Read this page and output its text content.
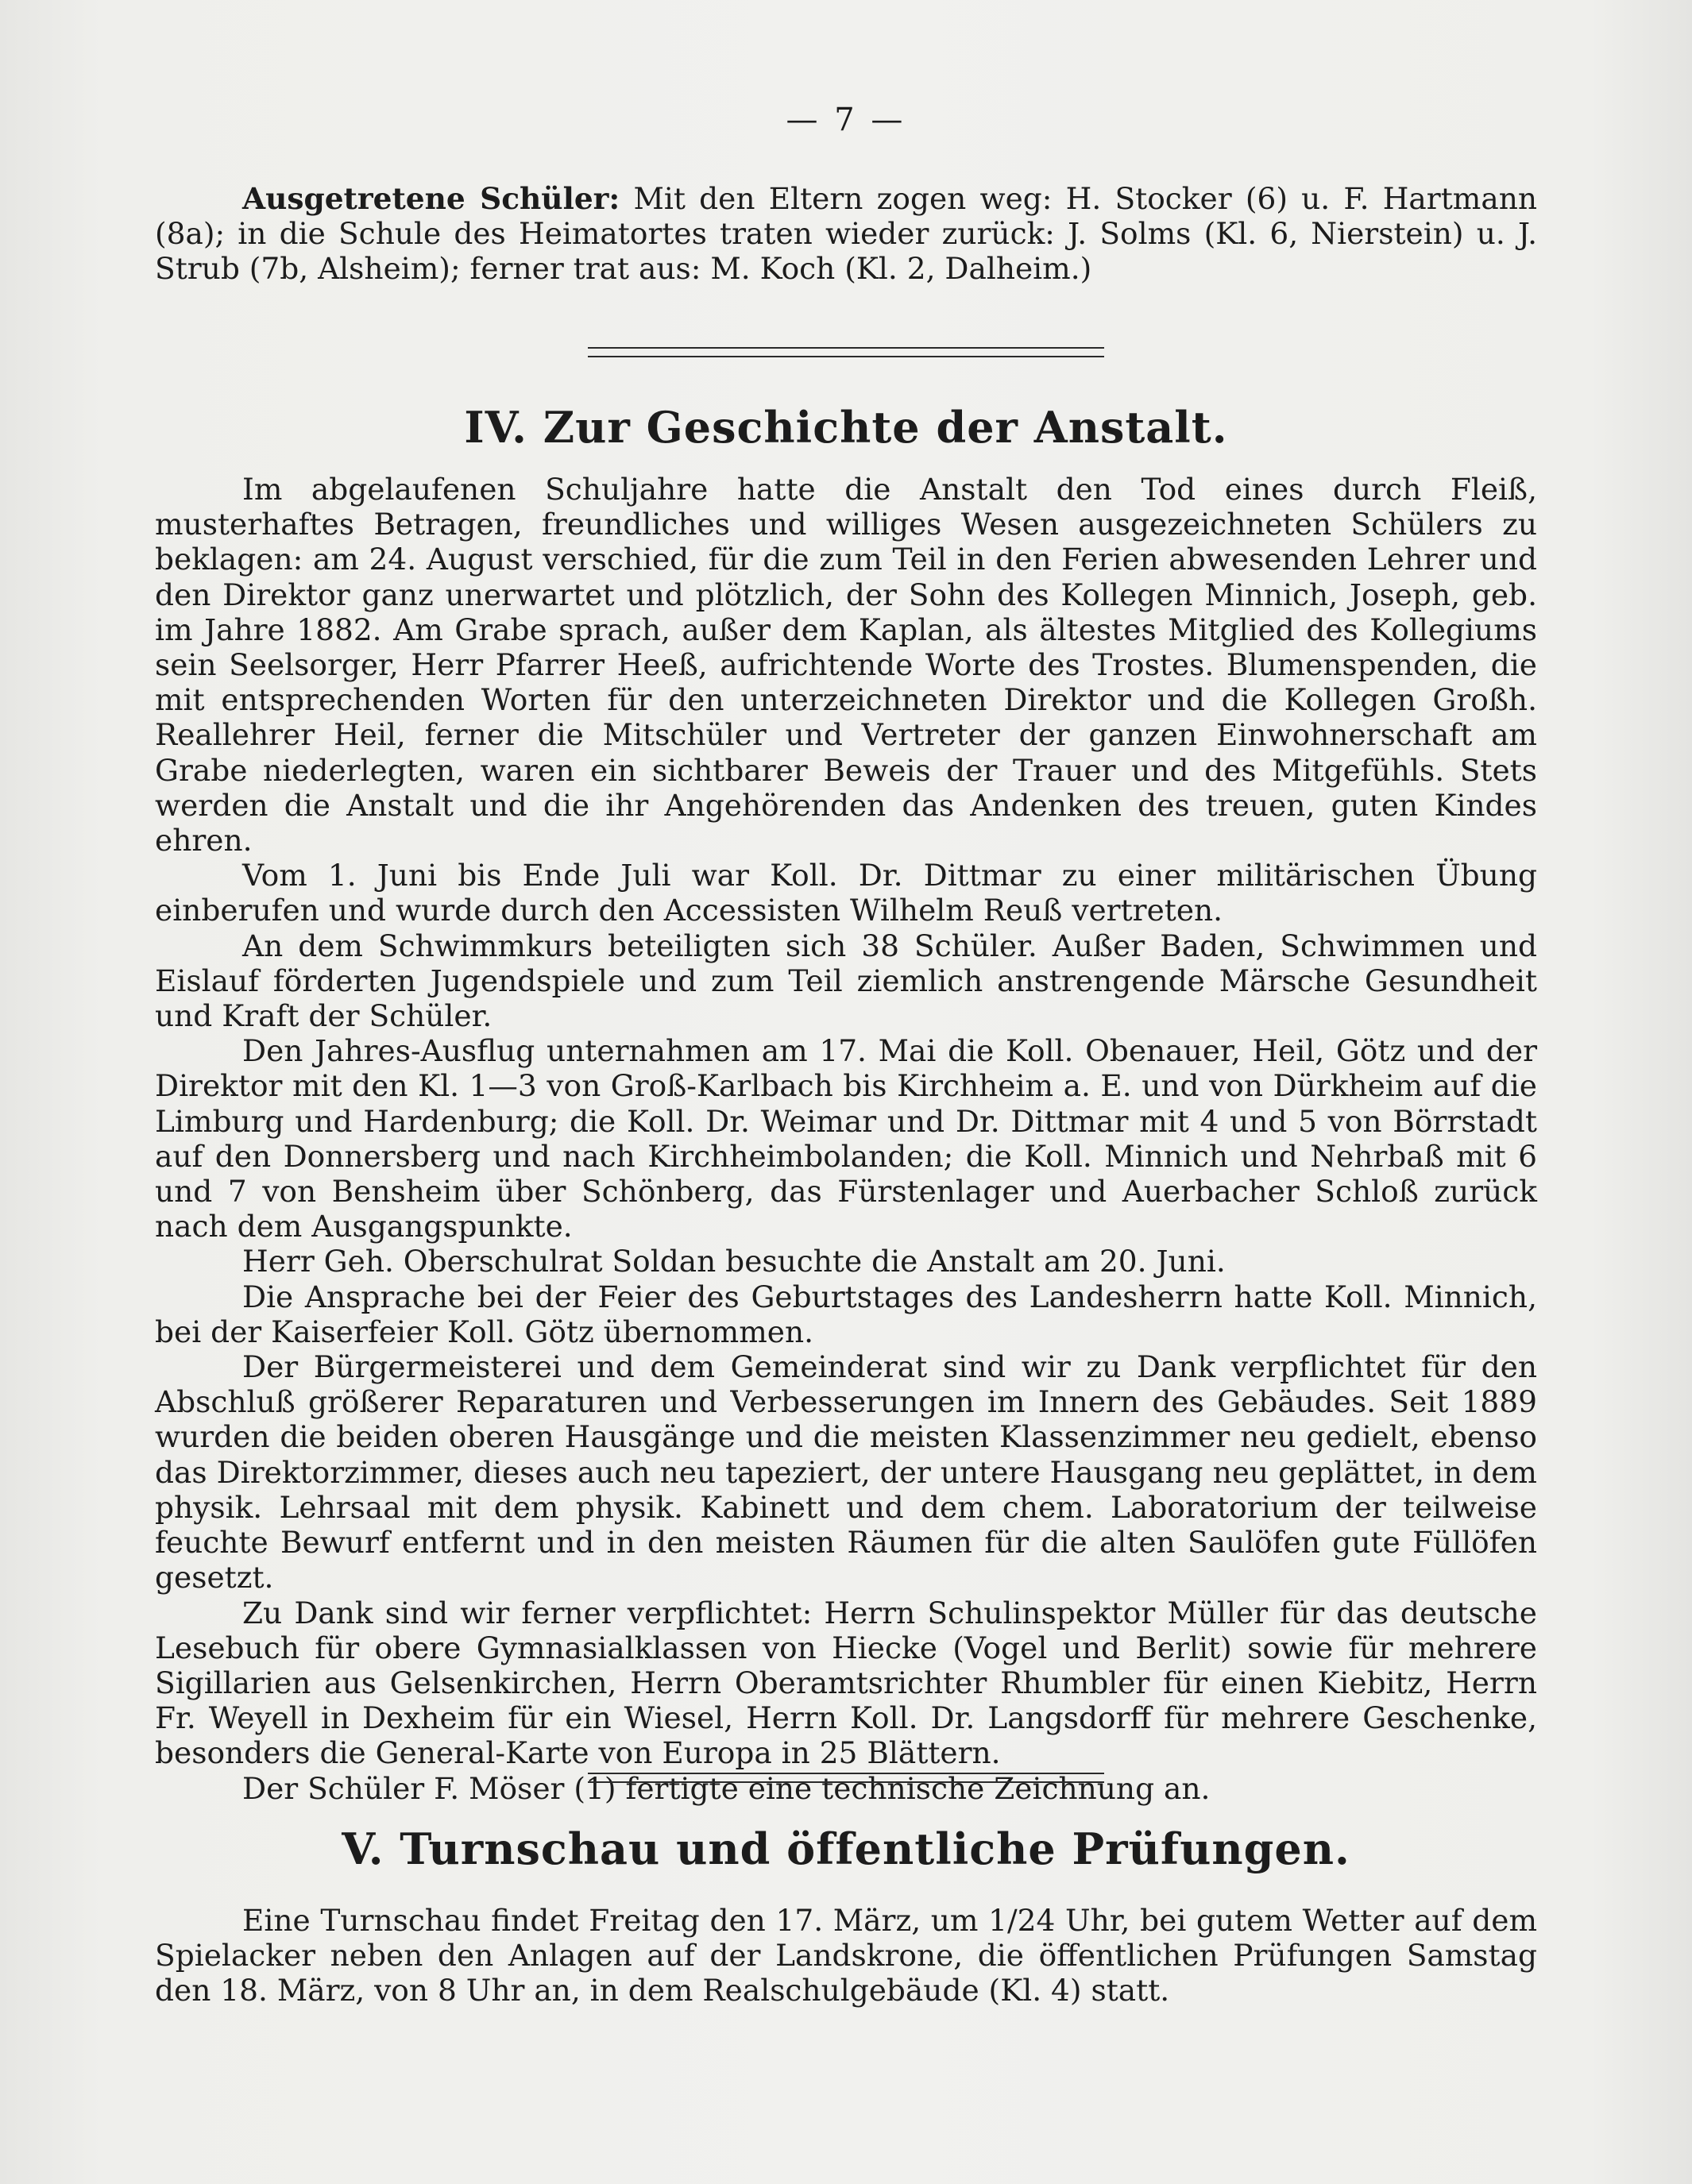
— 7 —

Ausgetretene Schüler: Mit den Eltern zogen weg: H. Stocker (6) u. F. Hartmann (8a); in die Schule des Heimatortes traten wieder zurück: J. Solms (Kl. 6, Nierstein) u. J. Strub (7b, Alsheim); ferner trat aus: M. Koch (Kl. 2, Dalheim.)

IV. Zur Geschichte der Anstalt.

Im abgelaufenen Schuljahre hatte die Anstalt den Tod eines durch Fleiß, musterhaftes Betragen, freundliches und williges Wesen ausgezeichneten Schülers zu beklagen: am 24. August verschied, für die zum Teil in den Ferien abwesenden Lehrer und den Direktor ganz unerwartet und plötzlich, der Sohn des Kollegen Minnich, Joseph, geb. im Jahre 1882. Am Grabe sprach, außer dem Kaplan, als ältestes Mitglied des Kollegiums sein Seelsorger, Herr Pfarrer Heeß, aufrichtende Worte des Trostes. Blumenspenden, die mit entsprechenden Worten für den unterzeichneten Direktor und die Kollegen Großh. Reallehrer Heil, ferner die Mitschüler und Vertreter der ganzen Einwohnerschaft am Grabe niederlegten, waren ein sichtbarer Beweis der Trauer und des Mitgefühls. Stets werden die Anstalt und die ihr Angehörenden das Andenken des treuen, guten Kindes ehren.

Vom 1. Juni bis Ende Juli war Koll. Dr. Dittmar zu einer militärischen Übung einberufen und wurde durch den Accessisten Wilhelm Reuß vertreten.

An dem Schwimmkurs beteiligten sich 38 Schüler. Außer Baden, Schwimmen und Eislauf förderten Jugendspiele und zum Teil ziemlich anstrengende Märsche Gesundheit und Kraft der Schüler.

Den Jahres-Ausflug unternahmen am 17. Mai die Koll. Obenauer, Heil, Götz und der Direktor mit den Kl. 1—3 von Groß-Karlbach bis Kirchheim a. E. und von Dürkheim auf die Limburg und Hardenburg; die Koll. Dr. Weimar und Dr. Dittmar mit 4 und 5 von Börrstadt auf den Donnersberg und nach Kirchheimbolanden; die Koll. Minnich und Nehrbaß mit 6 und 7 von Bensheim über Schönberg, das Fürstenlager und Auerbacher Schloß zurück nach dem Ausgangspunkte.

Herr Geh. Oberschulrat Soldan besuchte die Anstalt am 20. Juni.

Die Ansprache bei der Feier des Geburtstages des Landesherrn hatte Koll. Minnich, bei der Kaiserfeier Koll. Götz übernommen.

Der Bürgermeisterei und dem Gemeinderat sind wir zu Dank verpflichtet für den Abschluß größerer Reparaturen und Verbesserungen im Innern des Gebäudes. Seit 1889 wurden die beiden oberen Hausgänge und die meisten Klassenzimmer neu gedielt, ebenso das Direktorzimmer, dieses auch neu tapeziert, der untere Hausgang neu geplättet, in dem physik. Lehrsaal mit dem physik. Kabinett und dem chem. Laboratorium der teilweise feuchte Bewurf entfernt und in den meisten Räumen für die alten Saulöfen gute Füllöfen gesetzt.

Zu Dank sind wir ferner verpflichtet: Herrn Schulinspektor Müller für das deutsche Lesebuch für obere Gymnasialklassen von Hiecke (Vogel und Berlit) sowie für mehrere Sigillarien aus Gelsenkirchen, Herrn Oberamtsrichter Rhumbler für einen Kiebitz, Herrn Fr. Weyell in Dexheim für ein Wiesel, Herrn Koll. Dr. Langsdorff für mehrere Geschenke, besonders die General-Karte von Europa in 25 Blättern.

Der Schüler F. Möser (1) fertigte eine technische Zeichnung an.

V. Turnschau und öffentliche Prüfungen.

Eine Turnschau findet Freitag den 17. März, um 1/24 Uhr, bei gutem Wetter auf dem Spielacker neben den Anlagen auf der Landskrone, die öffentlichen Prüfungen Samstag den 18. März, von 8 Uhr an, in dem Realschulgebäude (Kl. 4) statt.
